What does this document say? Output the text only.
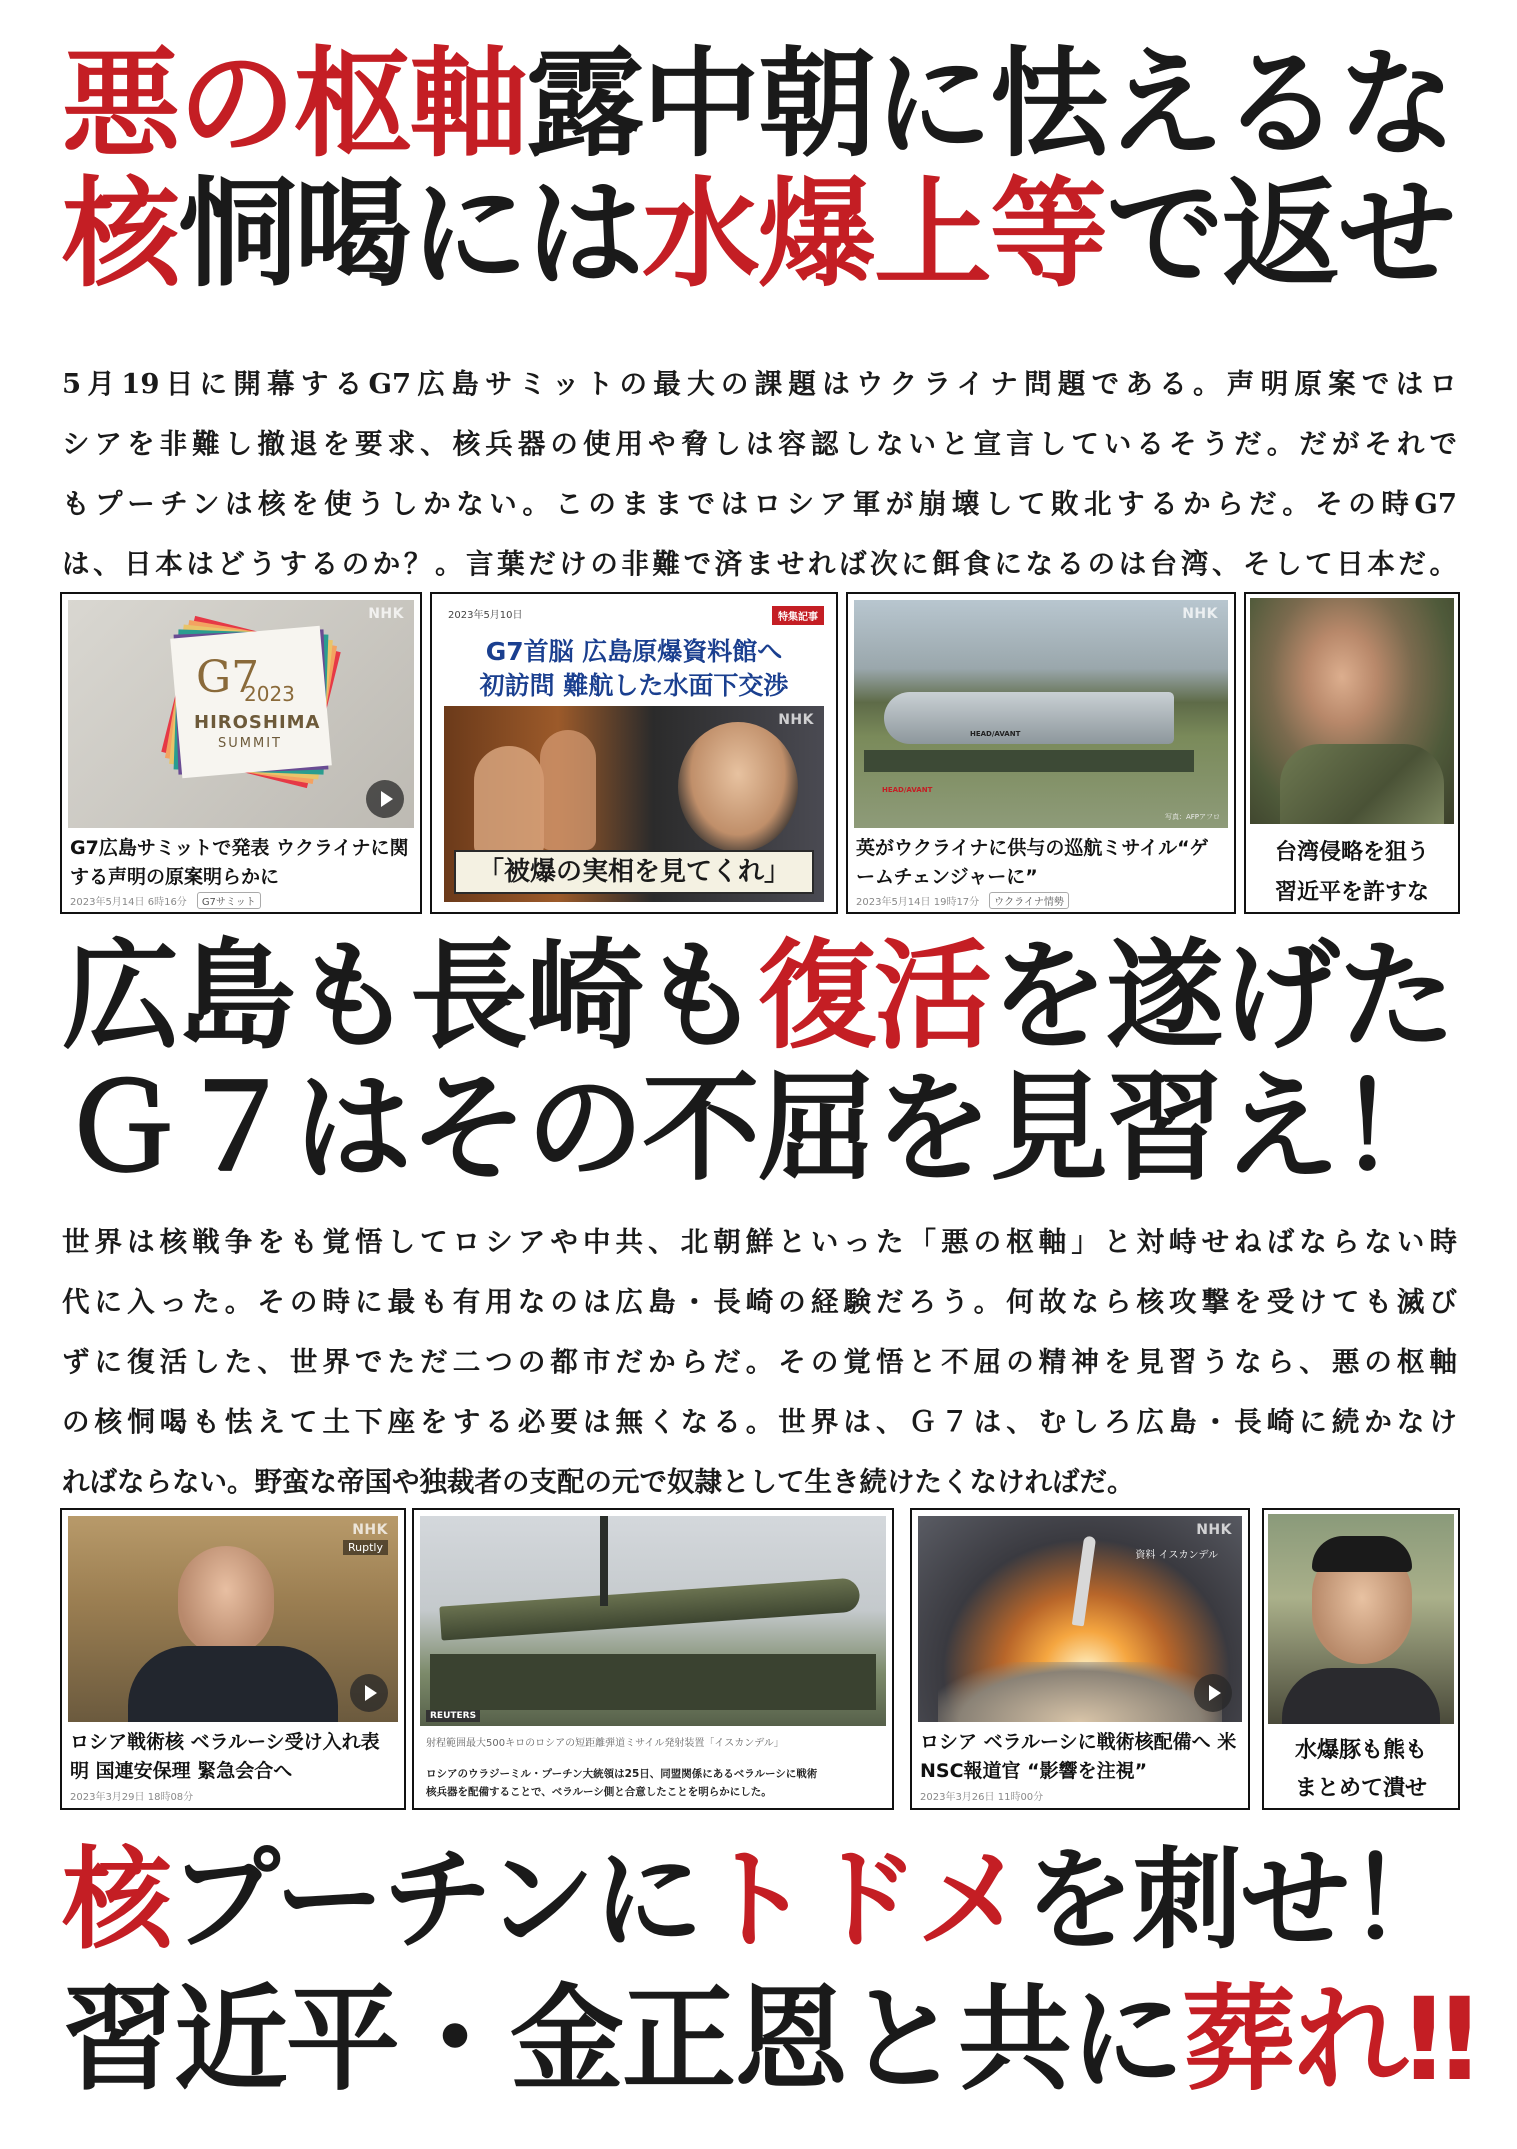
悪の枢軸露中朝に怯えるな
核恫喝には水爆上等で返せ

5月19日に開幕するG7広島サミットの最大の課題はウクライナ問題である。声明原案ではロ

シアを非難し撤退を要求、核兵器の使用や脅しは容認しないと宣言しているそうだ。だがそれで

もプーチンは核を使うしかない。このままではロシア軍が崩壊して敗北するからだ。その時G7

は、日本はどうするのか？。言葉だけの非難で済ませれば次に餌食になるのは台湾、そして日本だ。

G7
2023
HIROSHIMA
SUMMIT
NHK
G7広島サミットで発表 ウクライナに関する声明の原案明らかに
2023年5月14日 6時16分	G7サミット
2023年5月10日	特集記事
G7首脳 広島原爆資料館へ
初訪問 難航した水面下交渉
NHK
「被爆の実相を見てくれ」
HEAD/AVANT
HEAD/AVANT
写真：AFPアフロ
NHK
英がウクライナに供与の巡航ミサイル“ゲームチェンジャーに”
2023年5月14日 19時17分	ウクライナ情勢
台湾侵略を狙う
習近平を許すな
広島も長崎も復活を遂げた
Ｇ７はその不屈を見習え！

世界は核戦争をも覚悟してロシアや中共、北朝鮮といった「悪の枢軸」と対峙せねばならない時

代に入った。その時に最も有用なのは広島・長崎の経験だろう。何故なら核攻撃を受けても滅び

ずに復活した、世界でただ二つの都市だからだ。その覚悟と不屈の精神を見習うなら、悪の枢軸

の核恫喝も怯えて土下座をする必要は無くなる。世界は、Ｇ７は、むしろ広島・長崎に続かなけ

ればならない。野蛮な帝国や独裁者の支配の元で奴隷として生き続けたくなければだ。

NHK
Ruptly
ロシア戦術核 ベラルーシ受け入れ表明 国連安保理 緊急会合へ
2023年3月29日 18時08分
REUTERS
射程範囲最大500キロのロシアの短距離弾道ミサイル発射装置「イスカンデル」
ロシアのウラジーミル・プーチン大統領は25日、同盟関係にあるベラルーシに戦術
核兵器を配備することで、ベラルーシ側と合意したことを明らかにした。
NHK
資料 イスカンデル
ロシア ベラルーシに戦術核配備へ 米NSC報道官 “影響を注視”
2023年3月26日 11時00分
水爆豚も熊も
まとめて潰せ
核プーチンにトドメを刺せ！
習近平・金正恩と共に葬れ‼
